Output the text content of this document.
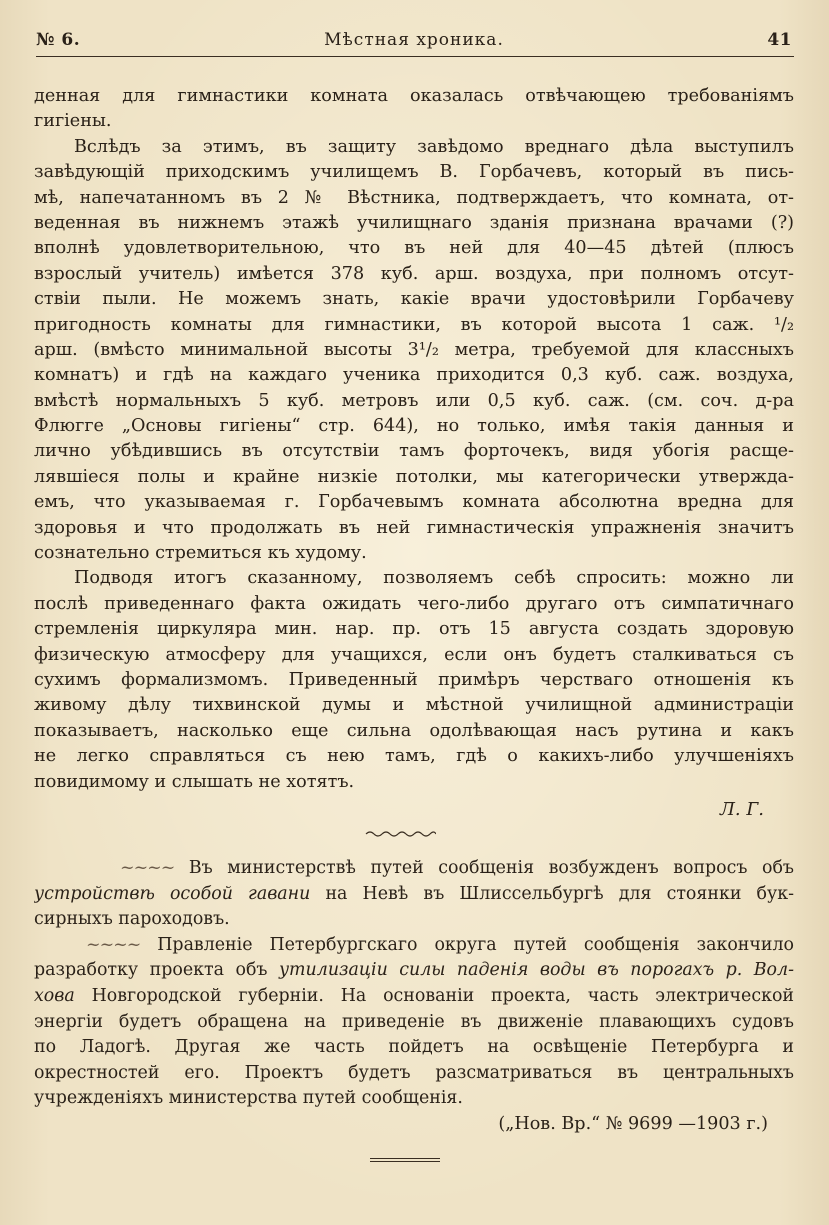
№ 6.	Мѣстная хроника.	41
денная для гимнастики комната оказалась отвѣчающею требованіямъ
гигіены.
Вслѣдъ за этимъ, въ защиту завѣдомо вреднаго дѣла выступилъ
завѣдующій приходскимъ училищемъ В. Горбачевъ, который въ пись-
мѣ, напечатанномъ въ 2 № Вѣстника, подтверждаетъ, что комната, от-
веденная въ нижнемъ этажѣ училищнаго зданія признана врачами (?)
вполнѣ удовлетворительною, что въ ней для 40—45 дѣтей (плюсъ
взрослый учитель) имѣется 378 куб. арш. воздуха, при полномъ отсут-
ствіи пыли. Не можемъ знать, какіе врачи удостовѣрили Горбачеву
пригодность комнаты для гимнастики, въ которой высота 1 саж. ¹/₂
арш. (вмѣсто минимальной высоты 3¹/₂ метра, требуемой для классныхъ
комнатъ) и гдѣ на каждаго ученика приходится 0,3 куб. саж. воздуха,
вмѣстѣ нормальныхъ 5 куб. метровъ или 0,5 куб. саж. (см. соч. д-ра
Флюгге „Основы гигіены“ стр. 644), но только, имѣя такія данныя и
лично убѣдившись въ отсутствіи тамъ форточекъ, видя убогія расще-
лявшіеся полы и крайне низкіе потолки, мы категорически утвержда-
емъ, что указываемая г. Горбачевымъ комната абсолютна вредна для
здоровья и что продолжать въ ней гимнастическія упражненія значитъ
сознательно стремиться къ худому.
Подводя итогъ сказанному, позволяемъ себѣ спросить: можно ли
послѣ приведеннаго факта ожидать чего-либо другаго отъ симпатичнаго
стремленія циркуляра мин. нар. пр. отъ 15 августа создать здоровую
физическую атмосферу для учащихся, если онъ будетъ сталкиваться съ
сухимъ формализмомъ. Приведенный примѣръ черстваго отношенія къ
живому дѣлу тихвинской думы и мѣстной училищной администраціи
показываетъ, насколько еще сильна одолѣвающая насъ рутина и какъ
не легко справляться съ нею тамъ, гдѣ о какихъ-либо улучшеніяхъ
повидимому и слышать не хотятъ.
Л. Г.
~~~~ Въ министерствѣ путей сообщенія возбужденъ вопросъ объ
устройствѣ особой гавани на Невѣ въ Шлиссельбургѣ для стоянки бук-
сирныхъ пароходовъ.
~~~~ Правленіе Петербургскаго округа путей сообщенія закончило
разработку проекта объ утилизаціи силы паденія воды въ порогахъ р. Вол-
хова Новгородской губерніи. На основаніи проекта, часть электрической
энергіи будетъ обращена на приведеніе въ движеніе плавающихъ судовъ
по Ладогѣ. Другая же часть пойдетъ на освѣщеніе Петербурга и
окрестностей его. Проектъ будетъ разсматриваться въ центральныхъ
учрежденіяхъ министерства путей сообщенія.
(„Нов. Вр.“ № 9699 —1903 г.)
